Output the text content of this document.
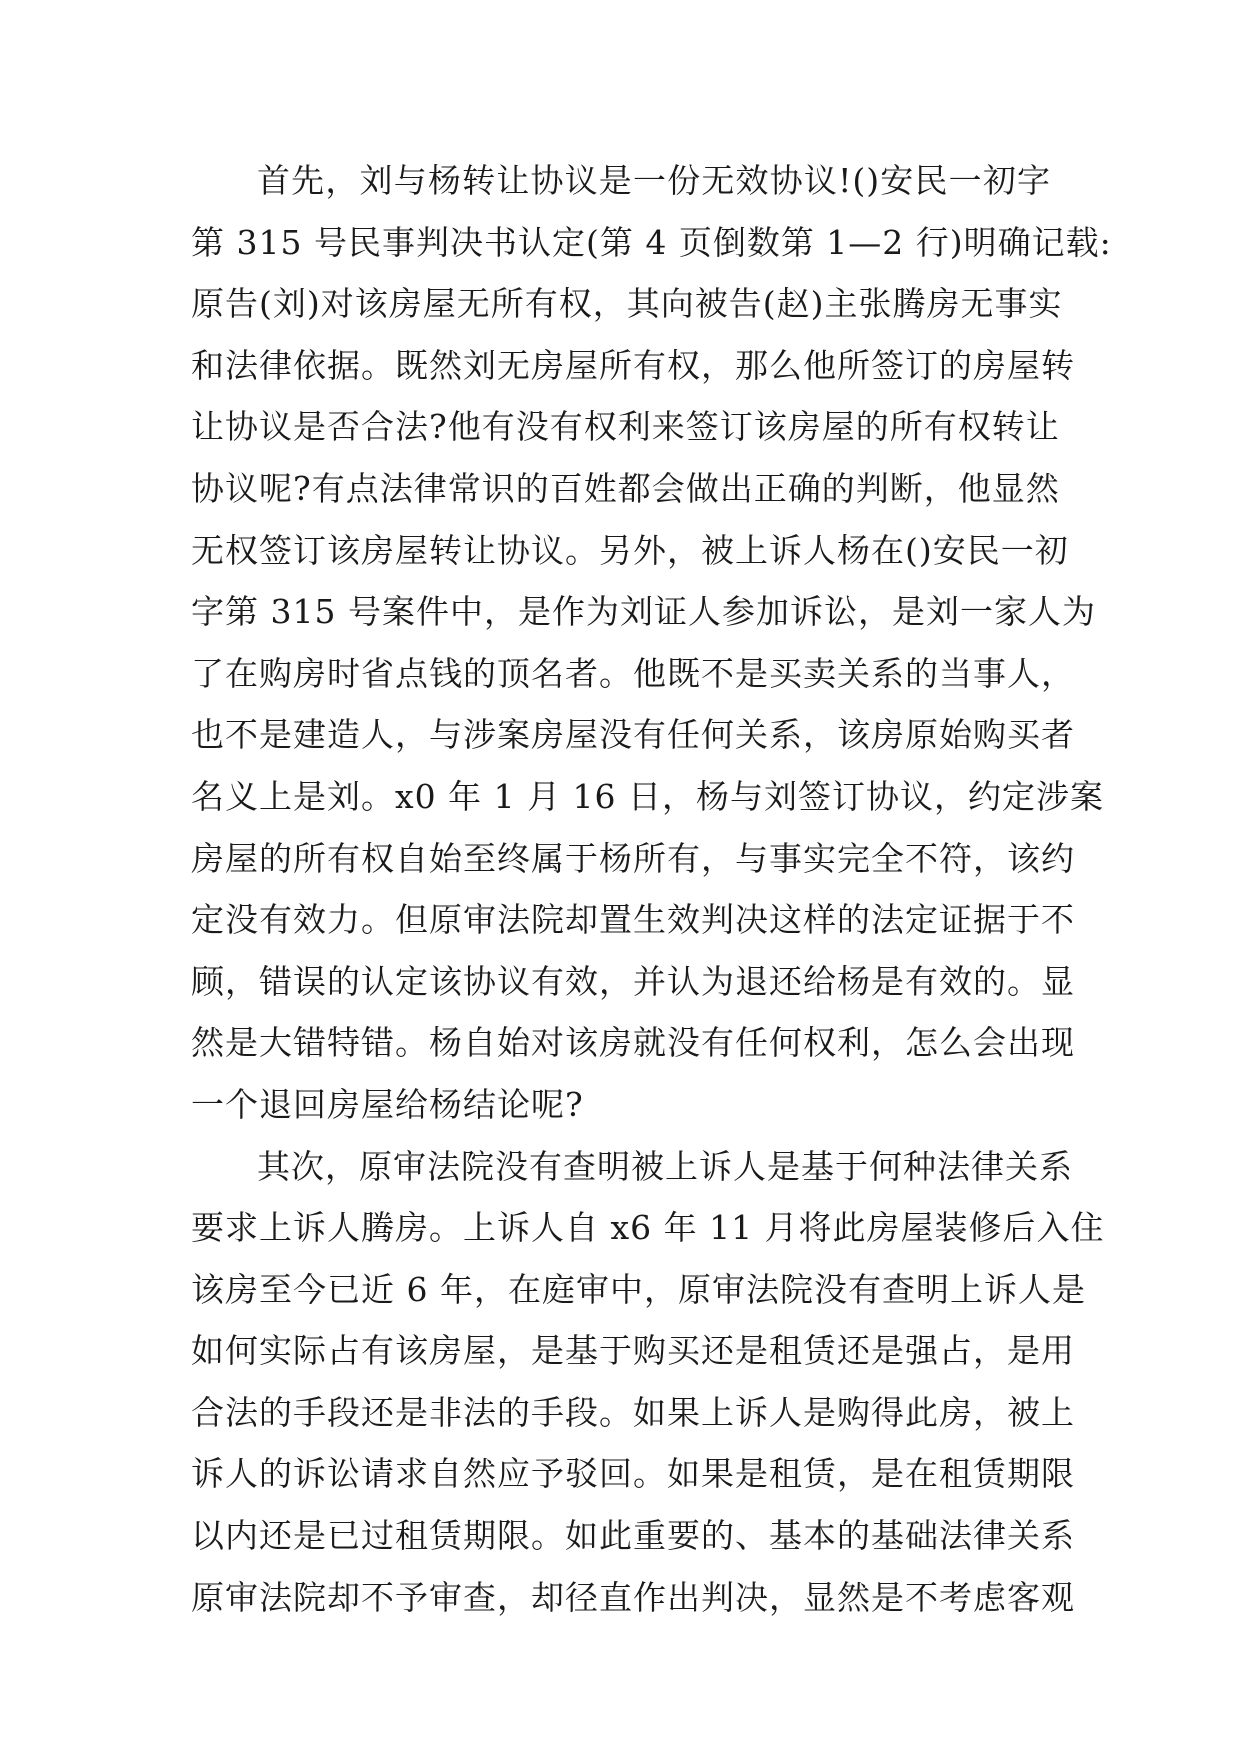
首先，刘与杨转让协议是一份无效协议!()安民一初字
第 315 号民事判决书认定(第 4 页倒数第 1—2 行)明确记载:
原告(刘)对该房屋无所有权，其向被告(赵)主张腾房无事实
和法律依据。既然刘无房屋所有权，那么他所签订的房屋转
让协议是否合法?他有没有权利来签订该房屋的所有权转让
协议呢?有点法律常识的百姓都会做出正确的判断，他显然
无权签订该房屋转让协议。另外，被上诉人杨在()安民一初
字第 315 号案件中，是作为刘证人参加诉讼，是刘一家人为
了在购房时省点钱的顶名者。他既不是买卖关系的当事人，
也不是建造人，与涉案房屋没有任何关系，该房原始购买者
名义上是刘。x0 年 1 月 16 日，杨与刘签订协议，约定涉案
房屋的所有权自始至终属于杨所有，与事实完全不符，该约
定没有效力。但原审法院却置生效判决这样的法定证据于不
顾，错误的认定该协议有效，并认为退还给杨是有效的。显
然是大错特错。杨自始对该房就没有任何权利，怎么会出现
一个退回房屋给杨结论呢?
其次，原审法院没有查明被上诉人是基于何种法律关系
要求上诉人腾房。上诉人自 x6 年 11 月将此房屋装修后入住
该房至今已近 6 年，在庭审中，原审法院没有查明上诉人是
如何实际占有该房屋，是基于购买还是租赁还是强占，是用
合法的手段还是非法的手段。如果上诉人是购得此房，被上
诉人的诉讼请求自然应予驳回。如果是租赁，是在租赁期限
以内还是已过租赁期限。如此重要的、基本的基础法律关系
原审法院却不予审查，却径直作出判决，显然是不考虑客观
